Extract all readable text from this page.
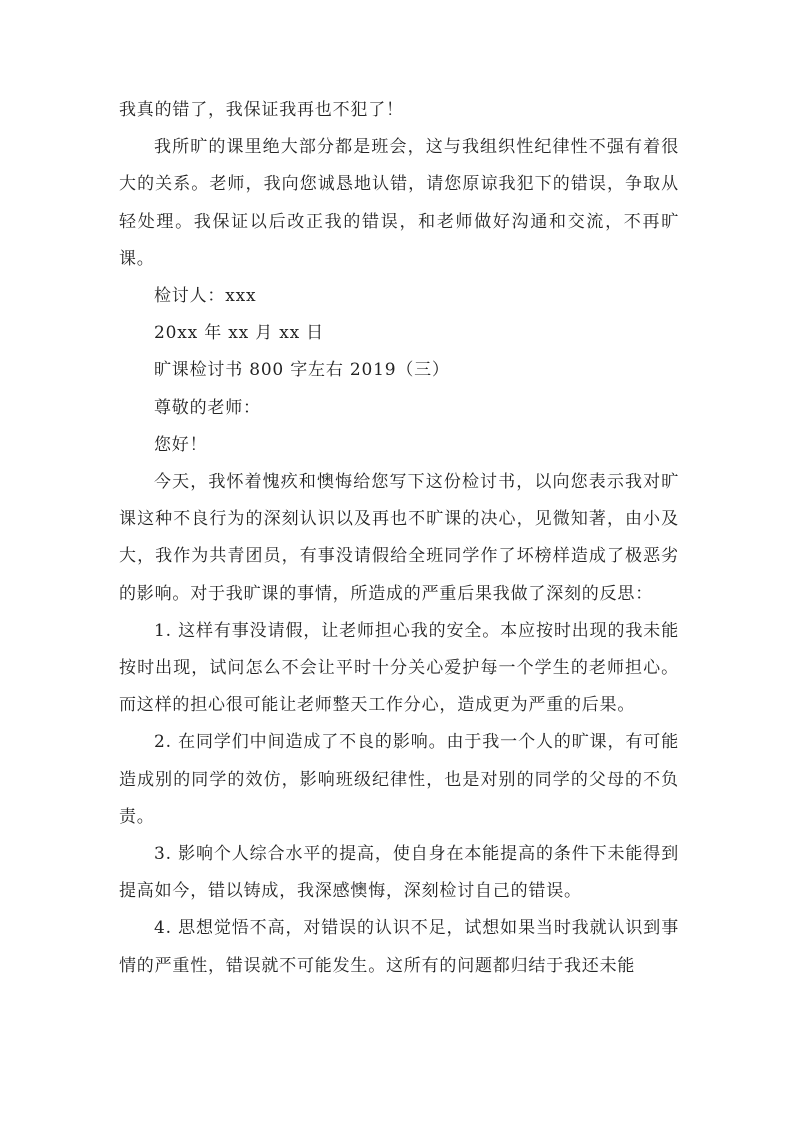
我真的错了，我保证我再也不犯了！

我所旷的课里绝大部分都是班会，这与我组织性纪律性不强有着很大的关系。老师，我向您诚恳地认错，请您原谅我犯下的错误，争取从轻处理。我保证以后改正我的错误，和老师做好沟通和交流，不再旷课。

检讨人：xxx

20xx 年 xx 月 xx 日

旷课检讨书 800 字左右 2019（三）

尊敬的老师：

您好！

今天，我怀着愧疚和懊悔给您写下这份检讨书，以向您表示我对旷课这种不良行为的深刻认识以及再也不旷课的决心，见微知著，由小及大，我作为共青团员，有事没请假给全班同学作了坏榜样造成了极恶劣的影响。对于我旷课的事情，所造成的严重后果我做了深刻的反思：

1. 这样有事没请假，让老师担心我的安全。本应按时出现的我未能按时出现，试问怎么不会让平时十分关心爱护每一个学生的老师担心。而这样的担心很可能让老师整天工作分心，造成更为严重的后果。

2. 在同学们中间造成了不良的影响。由于我一个人的旷课，有可能造成别的同学的效仿，影响班级纪律性，也是对别的同学的父母的不负责。

3. 影响个人综合水平的提高，使自身在本能提高的条件下未能得到提高如今，错以铸成，我深感懊悔，深刻检讨自己的错误。

4. 思想觉悟不高，对错误的认识不足，试想如果当时我就认识到事情的严重性，错误就不可能发生。这所有的问题都归结于我还未能
